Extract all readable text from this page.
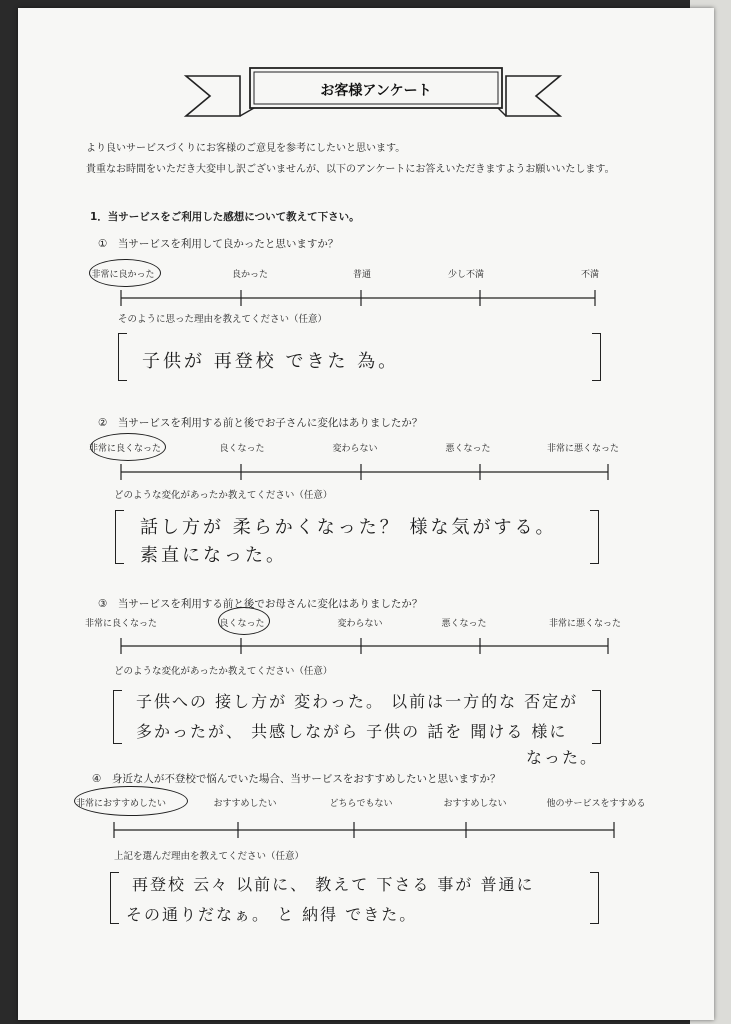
お客様アンケート
より良いサービスづくりにお客様のご意見を参考にしたいと思います。
貴重なお時間をいただき大変申し訳ございませんが、以下のアンケートにお答えいただきますようお願いいたします。
1．当サービスをご利用した感想について教えて下さい。
①　当サービスを利用して良かったと思いますか？
非常に良かった	良かった	普通	少し不満	不満
そのように思った理由を教えてください（任意）
子供が 再登校 できた 為。
②　当サービスを利用する前と後でお子さんに変化はありましたか？
非常に良くなった	良くなった	変わらない	悪くなった	非常に悪くなった
どのような変化があったか教えてください（任意）
話し方が 柔らかくなった？ 様な気がする。
素直になった。
③　当サービスを利用する前と後でお母さんに変化はありましたか？
非常に良くなった	良くなった	変わらない	悪くなった	非常に悪くなった
どのような変化があったか教えてください（任意）
子供への 接し方が 変わった。 以前は一方的な 否定が
多かったが、 共感しながら 子供の 話を 聞ける 様に
なった。
④　身近な人が不登校で悩んでいた場合、当サービスをおすすめしたいと思いますか？
非常におすすめしたい	おすすめしたい	どちらでもない	おすすめしない	他のサービスをすすめる
上記を選んだ理由を教えてください（任意）
再登校 云々 以前に、 教えて 下さる 事が 普通に
その通りだなぁ。 と 納得 できた。
